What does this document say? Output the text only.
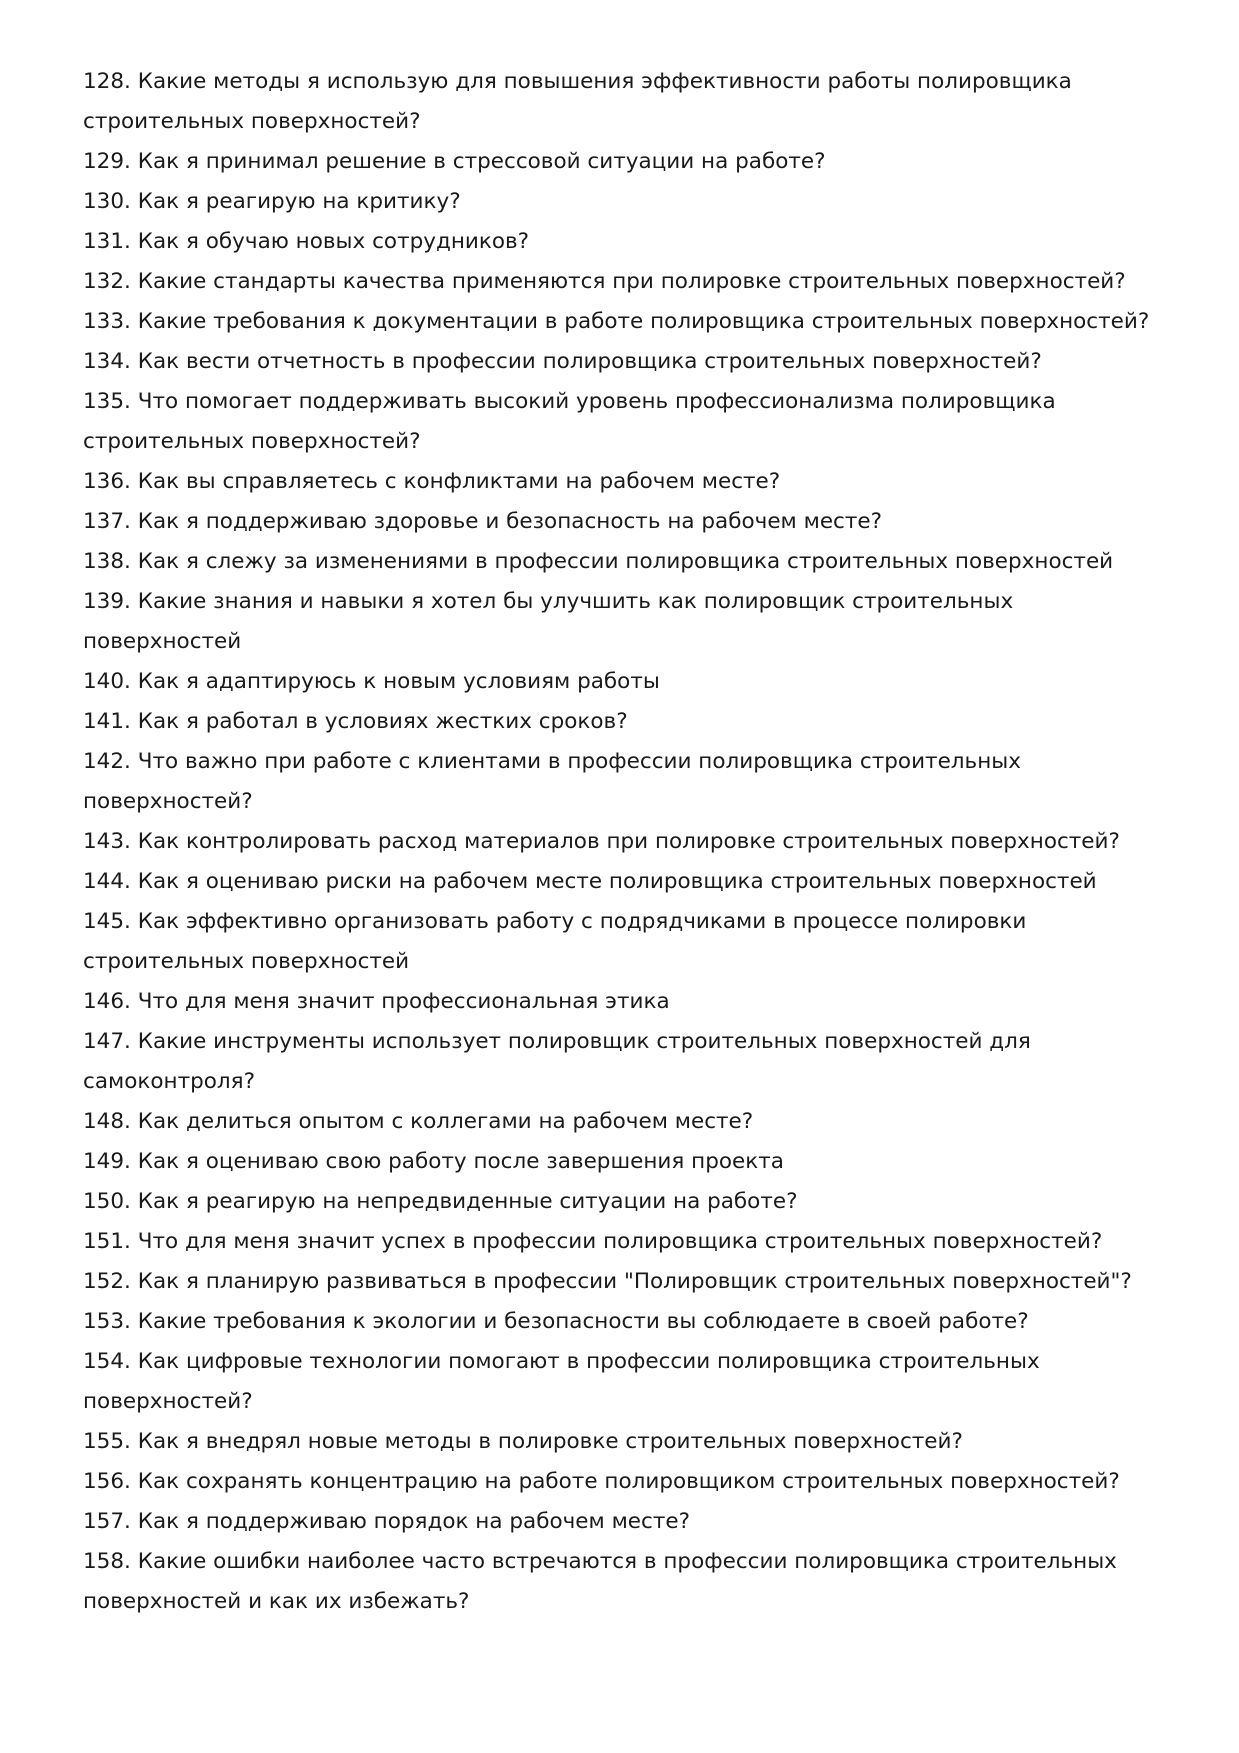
128. Какие методы я использую для повышения эффективности работы полировщика строительных поверхностей?
129. Как я принимал решение в стрессовой ситуации на работе?
130. Как я реагирую на критику?
131. Как я обучаю новых сотрудников?
132. Какие стандарты качества применяются при полировке строительных поверхностей?
133. Какие требования к документации в работе полировщика строительных поверхностей?
134. Как вести отчетность в профессии полировщика строительных поверхностей?
135. Что помогает поддерживать высокий уровень профессионализма полировщика строительных поверхностей?
136. Как вы справляетесь с конфликтами на рабочем месте?
137. Как я поддерживаю здоровье и безопасность на рабочем месте?
138. Как я слежу за изменениями в профессии полировщика строительных поверхностей
139. Какие знания и навыки я хотел бы улучшить как полировщик строительных поверхностей
140. Как я адаптируюсь к новым условиям работы
141. Как я работал в условиях жестких сроков?
142. Что важно при работе с клиентами в профессии полировщика строительных поверхностей?
143. Как контролировать расход материалов при полировке строительных поверхностей?
144. Как я оцениваю риски на рабочем месте полировщика строительных поверхностей
145. Как эффективно организовать работу с подрядчиками в процессе полировки строительных поверхностей
146. Что для меня значит профессиональная этика
147. Какие инструменты использует полировщик строительных поверхностей для самоконтроля?
148. Как делиться опытом с коллегами на рабочем месте?
149. Как я оцениваю свою работу после завершения проекта
150. Как я реагирую на непредвиденные ситуации на работе?
151. Что для меня значит успех в профессии полировщика строительных поверхностей?
152. Как я планирую развиваться в профессии "Полировщик строительных поверхностей"?
153. Какие требования к экологии и безопасности вы соблюдаете в своей работе?
154. Как цифровые технологии помогают в профессии полировщика строительных поверхностей?
155. Как я внедрял новые методы в полировке строительных поверхностей?
156. Как сохранять концентрацию на работе полировщиком строительных поверхностей?
157. Как я поддерживаю порядок на рабочем месте?
158. Какие ошибки наиболее часто встречаются в профессии полировщика строительных поверхностей и как их избежать?
